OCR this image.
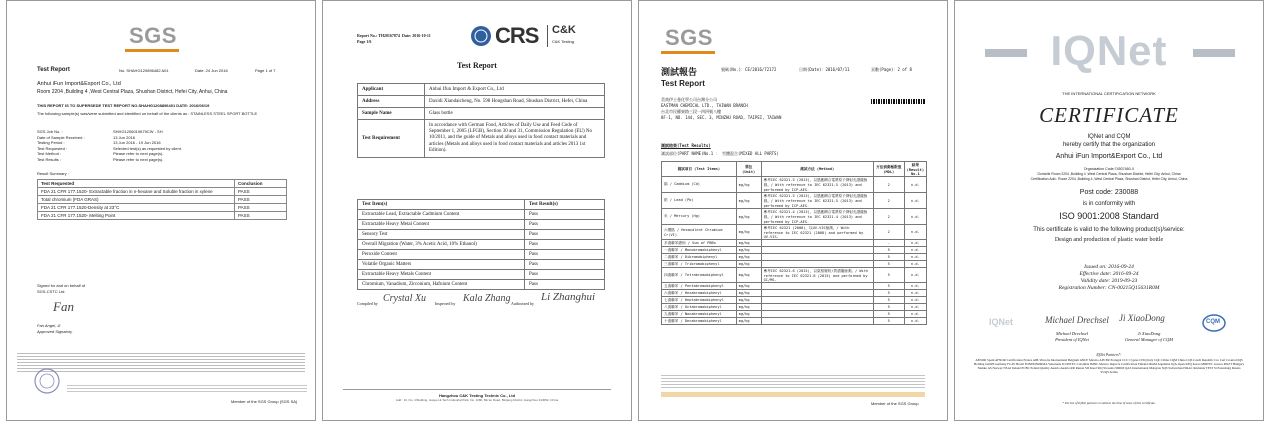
SGS
Test Report	No. SHAHG120896482 A01	Date: 24 Jun 2016	Page 1 of 7
Anhui iFun Import&Export Co., Ltd
Room 2204 ,Building 4 ,West Central Plaza, Shushan District, Hefei City, Anhui, China
THIS REPORT IS TO SUPERSEDE TEST REPORT NO.SHAHG1208896401 DATE: 2016/06/19
The following sample(s) was/were submitted and identified on behalf of the clients as : STAINLESS STEEL SPORT BOTTLE
SGS Job No. :	SHHG1206019675CW - SH
Date of Sample Received :	13 Jun 2016
Testing Period :	13 Jun 2016 - 19 Jun 2016
Test Requested :	Selected test(s) as requested by client.
Test Method :	Please refer to next page(s).
Test Results :	Please refer to next page(s).
Result Summary :
Test Requested	Conclusion
FDA 21 CFR 177.1520- Extractable fraction in n-hexane and Soluble fraction in xylene	PASS
Total chromium (FDA GRAS)	PASS
FDA 21 CFR 177.1520-Density at 23°C	PASS
FDA 21 CFR 177.1520- Melting Point	PASS
Signed for and on behalf of
SGS-CSTC Ltd.
Fan
Fan Angel, JI
Approved Signatory
Member of the SGS Group (SGS SA)
Report No.: TH20167874 Date: 2016-10-11
Page 1/6	CRS C&K
C&K Testing
Test Report
Applicant	Anhui Ifun Import & Export Co., Ltd
Address	Daxidi Xiandaicheng, No. 598 Hongshan Road, Shushan District, Hefei, China
Sample Name	Glass bottle
Test Requirement	In accordance with German Food, Articles of Daily Use and Feed Code of September 1, 2005 (LFGB), Section 30 and 31, Commission Regulation (EU) No 10/2011, and the guide of Metals and alloys used in food contact materials and articles (Metals and alloys used in food contact materials and articles 2013 1st Edition).
Test Item(s)	Test Result(s)
Extractable Lead, Extractable Cadmium Content	Pass
Extractable Heavy Metal Content	Pass
Sensory Test	Pass
Overall Migration (Water, 3% Acetic Acid, 10% Ethanol)	Pass
Peroxide Content	Pass
Volatile Organic Matters	Pass
Extractable Heavy Metals Content	Pass
Chromium, Vanadium, Zirconium, Hafnium Content	Pass
Compiled by Crystal Xu Inspected by Kala Zhang Authorized by
Li Zhanghui
Hangzhou C&K Testing Technic Co., Ltd
Add : 1F, No. 4 Building, Huaye Hi-Tech Industrial Park, No. 1180, Bin'an Road, Binjiang District, Hangzhou 310052, China
SGS
測試報告
Test Report
號碼(No.)：CE/2016/72172	日期(Date)：2016/07/11	頁數(Page)：2 of 8
美商伊士曼化學公司台灣分公司
EASTMAN CHEMICAL LTD., TAIWAN BRANCH
台北市民權東路三段一四四號八樓
8F-1, NO. 144, SEC. 3, MINZHU ROAD, TAIPEI, TAIWAN
測試結果(Test Results)
測試部位(PART NAME)No.1 ： 雪體混合(MIXED ALL PARTS)
測試項目 (Test Items)	單位 (Unit)	測試方法 (Method)	方法偵測極限值 (MDL)	結果 (Result) No.1
鎘 / Cadmium (Cd)	mg/kg	參考IEC 62321-5 (2013)，以感應耦合電漿原子發射光譜儀檢測。/ With reference to IEC 62321-5 (2013) and performed by ICP-AES.	2	n.d.
鉛 / Lead (Pb)	mg/kg	參考IEC 62321-5 (2013)，以感應耦合電漿原子發射光譜儀檢測。/ With reference to IEC 62321-5 (2013) and performed by ICP-AES.	2	n.d.
汞 / Mercury (Hg)	mg/kg	參考IEC 62321-4 (2013)，以感應耦合電漿原子發射光譜儀檢測。/ With reference to IEC 62321-4 (2013) and performed by ICP-AES.	2	n.d.
六價鉻 / Hexavalent Chromium Cr(VI)	mg/kg	參考IEC 62321 (2008)，以UV-VIS檢測。/ With reference to IEC 62321 (2008) and performed by UV-VIS.	2	n.d.
多溴聯苯總和 / Sum of PBBs	mg/kg		-	n.d.
一溴聯苯 / Monobromobiphenyl	mg/kg		5	n.d.
二溴聯苯 / Dibromobiphenyl	mg/kg		5	n.d.
三溴聯苯 / Tribromobiphenyl	mg/kg		5	n.d.
四溴聯苯 / Tetrabromobiphenyl	mg/kg	參考IEC 62321-6 (2015)，以氣相層析/質譜儀檢測。/ With reference to IEC 62321-6 (2015) and performed by GC/MS.	5	n.d.
五溴聯苯 / Pentabromobiphenyl	mg/kg		5	n.d.
六溴聯苯 / Hexabromobiphenyl	mg/kg		5	n.d.
七溴聯苯 / Heptabromobiphenyl	mg/kg		5	n.d.
八溴聯苯 / Octabromobiphenyl	mg/kg		5	n.d.
九溴聯苯 / Nonabromobiphenyl	mg/kg		5	n.d.
十溴聯苯 / Decabromobiphenyl	mg/kg		5	n.d.
Member of the SGS Group
IQNet
THE INTERNATIONAL CERTIFICATION NETWORK
CERTIFICATE
IQNet and CQM
hereby certify that the organization
Anhui iFun Import&Export Co., Ltd
Organization Code:74507460-X
Domicile Room 2204 ,Building 4 ,West Central Plaza, Shushan District, Hefei City, Anhui, China
Certification Add.: Room 2204 ,Building 4 ,West Central Plaza, Shushan District, Hefei City, Anhui, China
Post code: 230088
is in conformity with
ISO 9001:2008 Standard
This certificate is valid to the following product(s)/service:
Design and production of plastic water bottle
Issued on: 2016-09-24
Effective date: 2016-09-24
Validity date: 2019-09-23
Registration Number: CN-00215Q15631R0M
IQNet	Michael Drechsel Ji XiaoDong	CQM
Michael Drechsel
President of IQNet
Ji XiaoDong
General Manager of CQM
IQNet Partners*:
AENOR Spain AFNOR Certification France AIB-Vinçotte International Belgium ANCE Mexico APCER Portugal CCC Cyprus CISQ Italy CQC China CQM China CQS Czech Republic Cro Cert Croatia DQS Holding GmbH Germany FCAV Brazil FONDONORMA Venezuela ICONTEC Colombia IMNC Mexico Inspecta Certification Finland IRAM Argentina JQA Japan KFQ Korea MIRTEC Greece MSZT Hungary Nemko AS Norway NSAI Ireland PCBC Poland Quality Austria Austria RR Russia SII Israel SIQ Slovenia SIRIM QAS International Malaysia SQS Switzerland SRAC Romania TEST St Petersburg Russia YUQS Serbia
* The list of IQNet partners is valid at the time of issue of this certificate.
